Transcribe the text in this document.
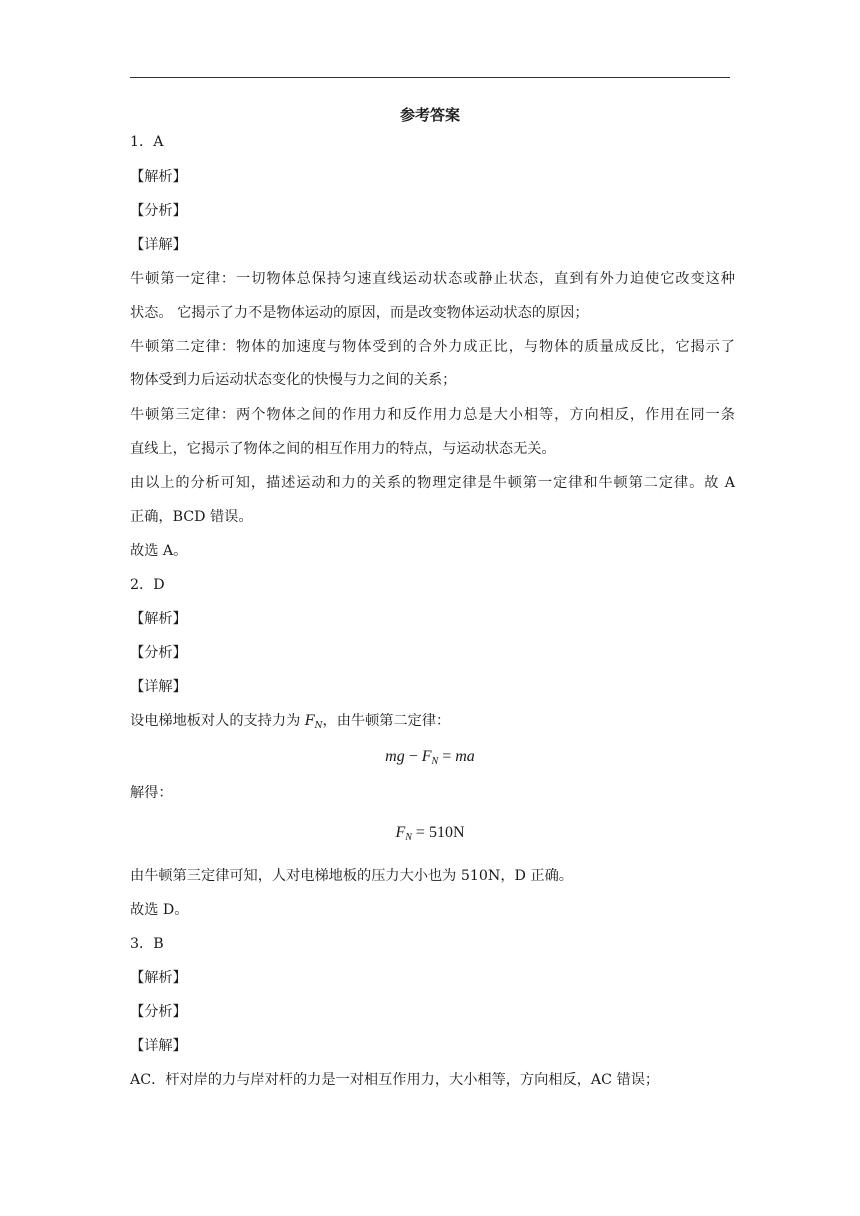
参考答案

1．A

【解析】

【分析】

【详解】

牛顿第一定律：一切物体总保持匀速直线运动状态或静止状态，直到有外力迫使它改变这种

状态。 它揭示了力不是物体运动的原因，而是改变物体运动状态的原因；

牛顿第二定律：物体的加速度与物体受到的合外力成正比，与物体的质量成反比，它揭示了

物体受到力后运动状态变化的快慢与力之间的关系；

牛顿第三定律：两个物体之间的作用力和反作用力总是大小相等，方向相反，作用在同一条

直线上，它揭示了物体之间的相互作用力的特点，与运动状态无关。

由以上的分析可知，描述运动和力的关系的物理定律是牛顿第一定律和牛顿第二定律。故 A

正确，BCD 错误。

故选 A。

2．D

【解析】

【分析】

【详解】

设电梯地板对人的支持力为 $F_N$，由牛顿第二定律：

mg − $F_N$ = ma

解得：

$F_N = 510N$

由牛顿第三定律可知，人对电梯地板的压力大小也为 510N，D 正确。

故选 D。

3．B

【解析】

【分析】

【详解】

AC．杆对岸的力与岸对杆的力是一对相互作用力，大小相等，方向相反，AC 错误；
